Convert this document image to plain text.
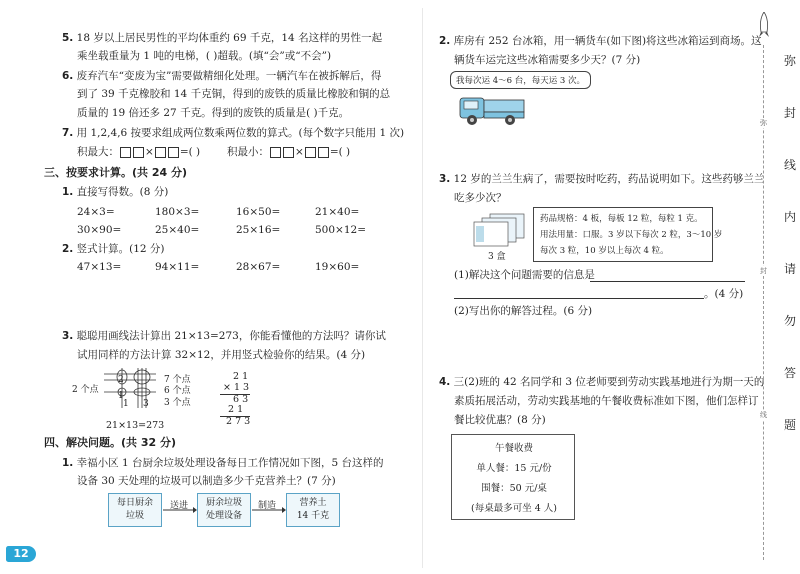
5. 18 岁以上居民男性的平均体重约 69 千克，14 名这样的男性一起
乘坐载重量为 1 吨的电梯，( )超载。(填“会”或“不会”)
6. 废弃汽车“变废为宝”需要做精细化处理。一辆汽车在被拆解后，得
到了 39 千克橡胶和 14 千克铜，得到的废铁的质量比橡胶和铜的总
质量的 19 倍还多 27 千克。得到的废铁的质量是( )千克。
7. 用 1,2,4,6 按要求组成两位数乘两位数的算式。(每个数字只能用 1 次)
积最大： × =( )	积最小： × =( )
三、按要求计算。(共 24 分)
1. 直接写得数。(8 分)
24×3=	180×3=	16×50=	21×40=
30×90=	25×40=	25×16=	500×12=
2. 竖式计算。(12 分)
47×13=	94×11=	28×67=	19×60=
3. 聪聪用画线法计算出 21×13=273，你能看懂他的方法吗？请你试
试用同样的方法计算 32×12，并用竖式检验你的结果。(4 分)
2
1
1 3
2 个点
7 个点
6 个点
3 个点
21×13=273
2 1
× 1 3
6 3
2 1
2 7 3
四、解决问题。(共 32 分)
1. 幸福小区 1 台厨余垃圾处理设备每日工作情况如下图，5 台这样的
设备 30 天处理的垃圾可以制造多少千克营养土？(7 分)
每日厨余
垃圾
送进	厨余垃圾
处理设备
制造	营养土
14 千克
12
2. 库房有 252 台冰箱，用一辆货车(如下图)将这些冰箱运到商场。这
辆货车运完这些冰箱需要多少天？(7 分)
我每次运 4～6 台，每天运 3 次。
3. 12 岁的兰兰生病了，需要按时吃药，药品说明如下。这些药够兰兰
吃多少次？
3 盒
药品规格：4 板，每板 12 粒，每粒 1 克。
用法用量：口服。3 岁以下每次 2 粒，3～10 岁
每次 3 粒，10 岁以上每次 4 粒。
(1)解决这个问题需要的信息是
。(4 分)
(2)写出你的解答过程。(6 分)
4. 三(2)班的 42 名同学和 3 位老师要到劳动实践基地进行为期一天的
素质拓展活动，劳动实践基地的午餐收费标准如下图，他们怎样订
餐比较优惠？(8 分)
午餐收费
单人餐：15 元/份
围餐：50 元/桌
(每桌最多可坐 4 人)
弥
封
线
内
请
勿
答
题
弥
封
线
